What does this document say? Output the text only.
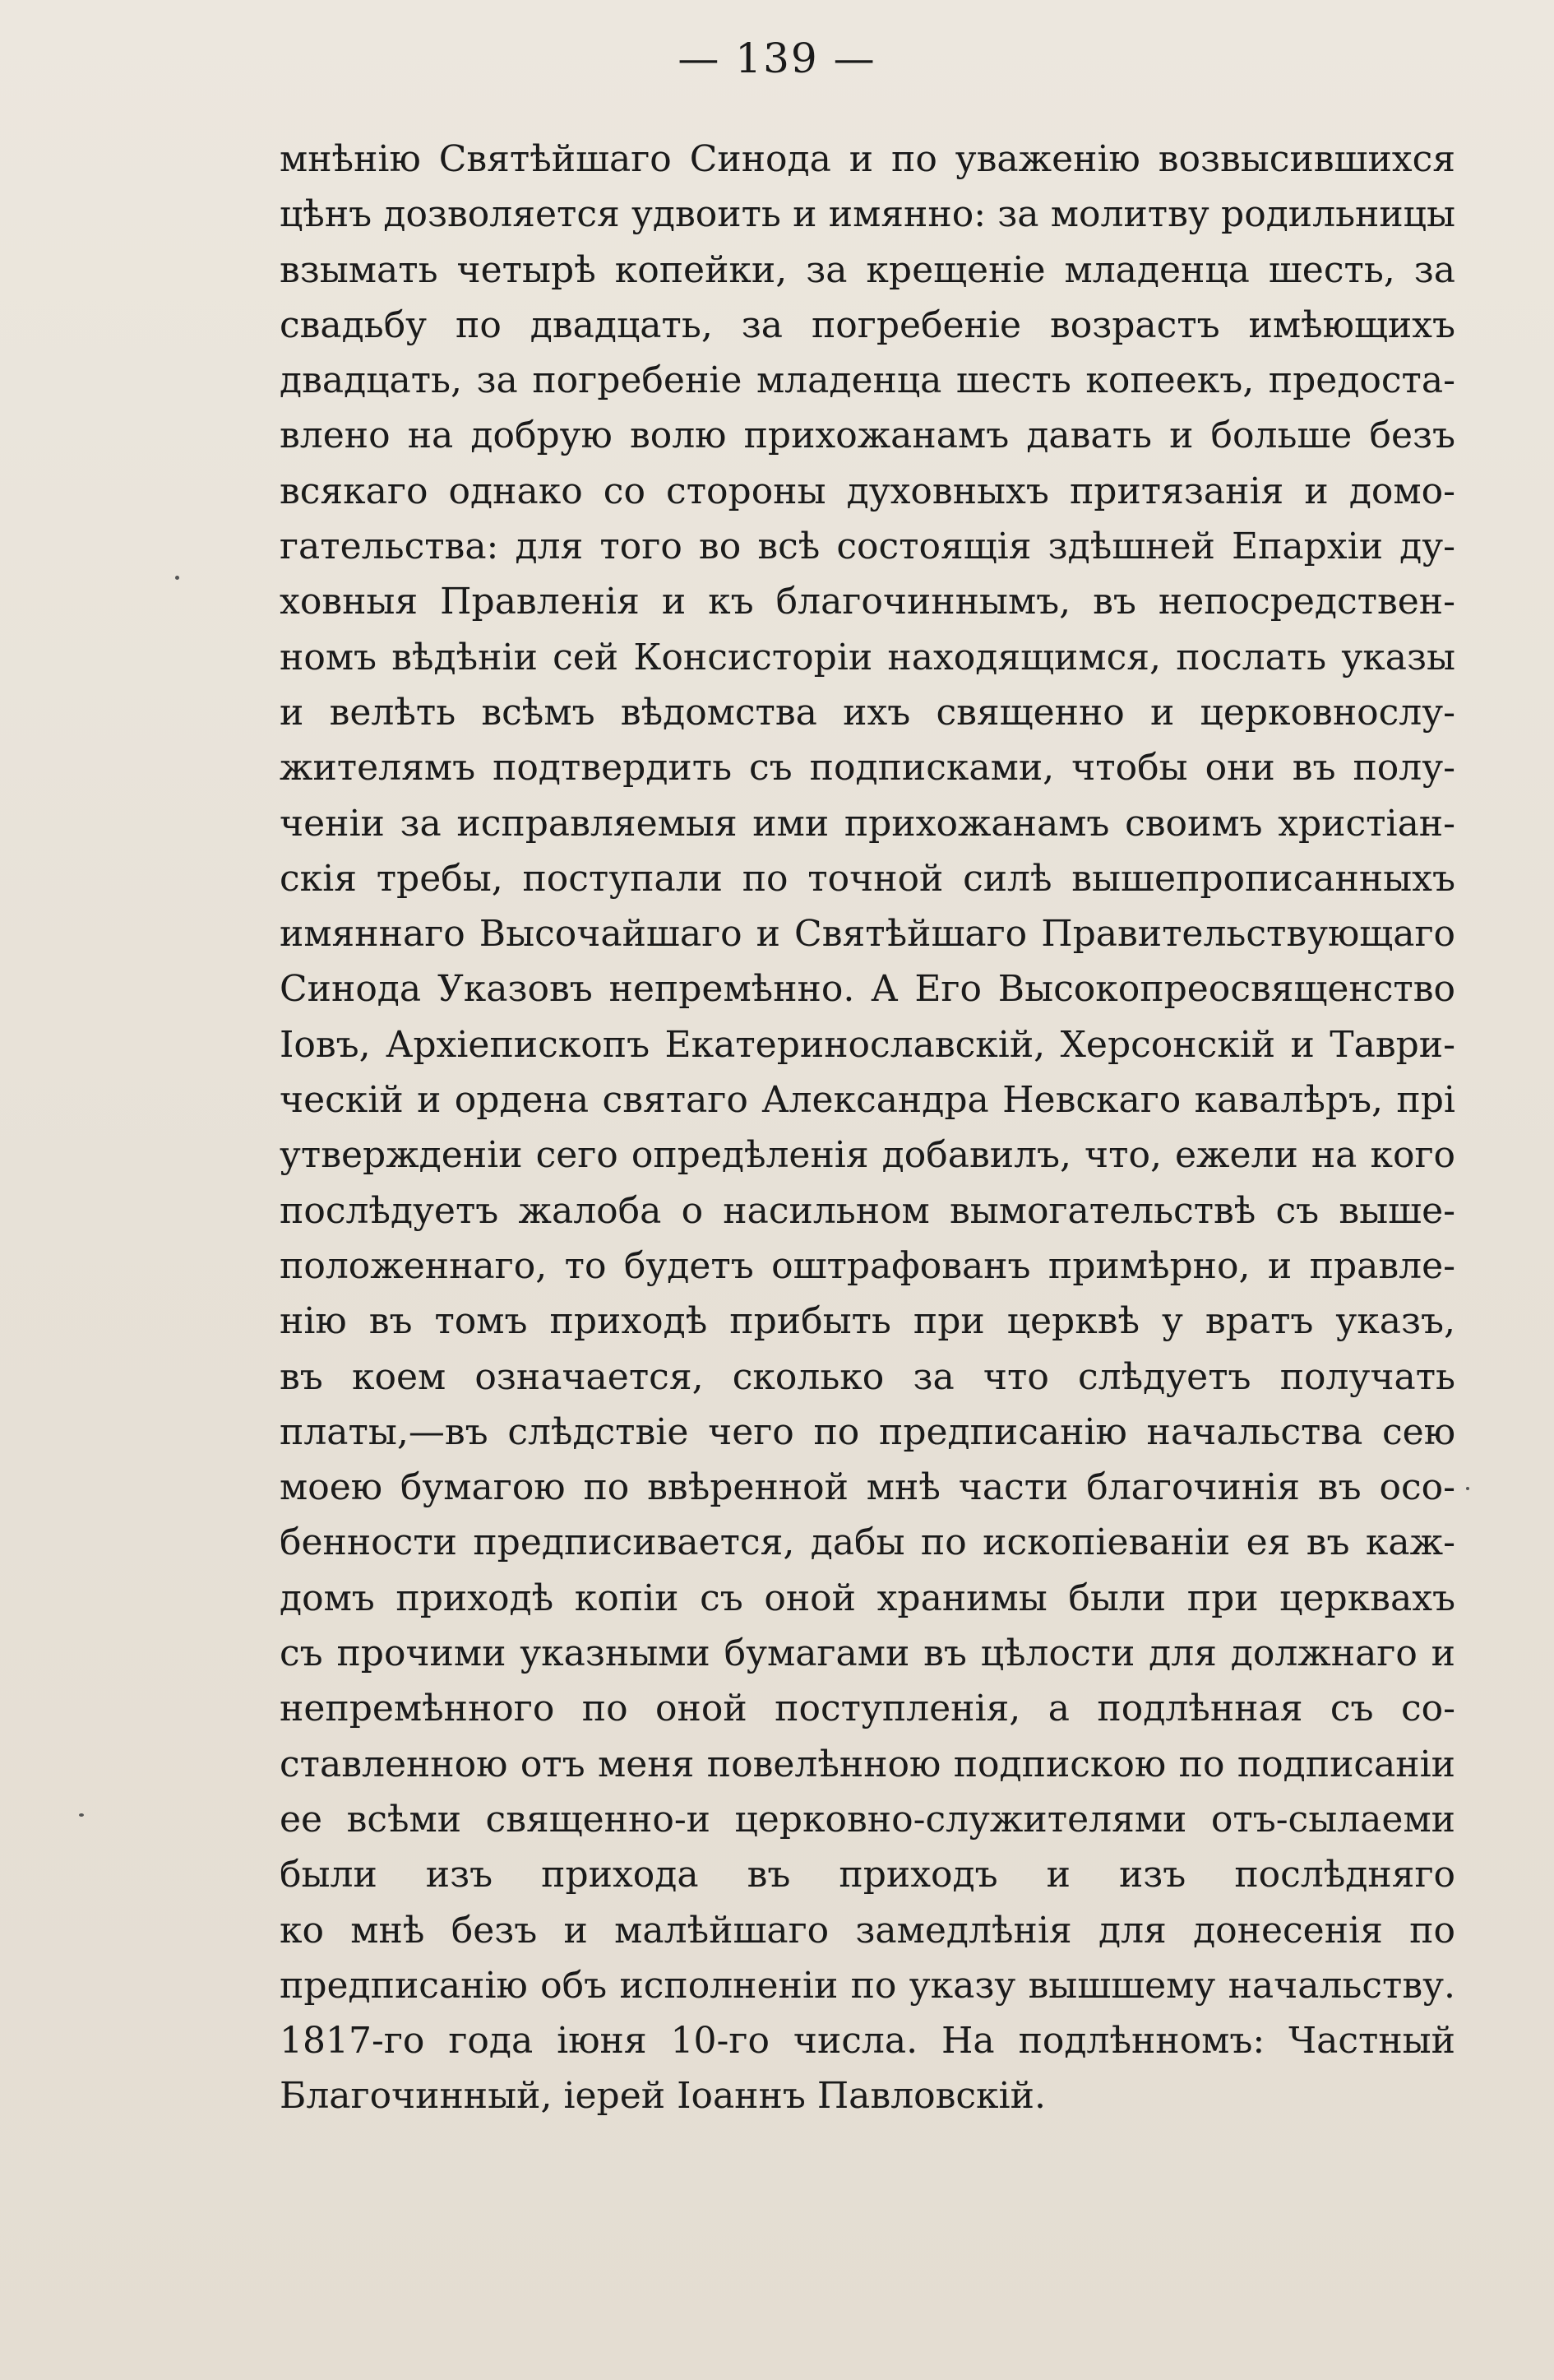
— 139 —
мнѣнію Святѣйшаго Синода и по уваженію возвысившихся
цѣнъ дозволяется удвоить и имянно: за молитву родильницы
взымать четырѣ копейки, за крещеніе младенца шесть, за
свадьбу по двадцать, за погребеніе возрастъ имѣющихъ
двадцать, за погребеніе младенца шесть копеекъ, предоста-
влено на добрую волю прихожанамъ давать и больше безъ
всякаго однако со стороны духовныхъ притязанія и домо-
гательства: для того во всѣ состоящія здѣшней Епархіи ду-
ховныя Правленія и къ благочиннымъ, въ непосредствен-
номъ вѣдѣніи сей Консисторіи находящимся, послать указы
и велѣть всѣмъ вѣдомства ихъ священно и церковнослу-
жителямъ подтвердить съ подписками, чтобы они въ полу-
ченіи за исправляемыя ими прихожанамъ своимъ христіан-
скія требы, поступали по точной силѣ вышепрописанныхъ
имяннаго Высочайшаго и Святѣйшаго Правительствующаго
Синода Указовъ непремѣнно. А Его Высокопреосвященство
Іовъ, Архіепископъ Екатеринославскій, Херсонскій и Таври-
ческій и ордена святаго Александра Невскаго кавалѣръ, прі
утвержденіи сего опредѣленія добавилъ, что, ежели на кого
послѣдуетъ жалоба о насильном вымогательствѣ съ выше-
положеннаго, то будетъ оштрафованъ примѣрно, и правле-
нію въ томъ приходѣ прибыть при церквѣ у вратъ указъ,
въ коем означается, сколько за что слѣдуетъ получать
платы,—въ слѣдствіе чего по предписанію начальства сею
моею бумагою по ввѣренной мнѣ части благочинія въ осо-
бенности предписивается, дабы по ископіеваніи ея въ каж-
домъ приходѣ копіи съ оной хранимы были при церквахъ
съ прочими указными бумагами въ цѣлости для должнаго и
непремѣнного по оной поступленія, а подлѣнная съ со-
ставленною отъ меня повелѣнною подпискою по подписаніи
ее всѣми священно-и церковно-служителями отъ-сылаеми
были изъ прихода въ приходъ и изъ послѣдняго
ко мнѣ безъ и малѣйшаго замедлѣнія для донесенія по
предписанію объ исполненіи по указу вышшему начальству.
1817-го года іюня 10-го числа. На подлѣнномъ: Частный
Благочинный, іерей Іоаннъ Павловскій.
